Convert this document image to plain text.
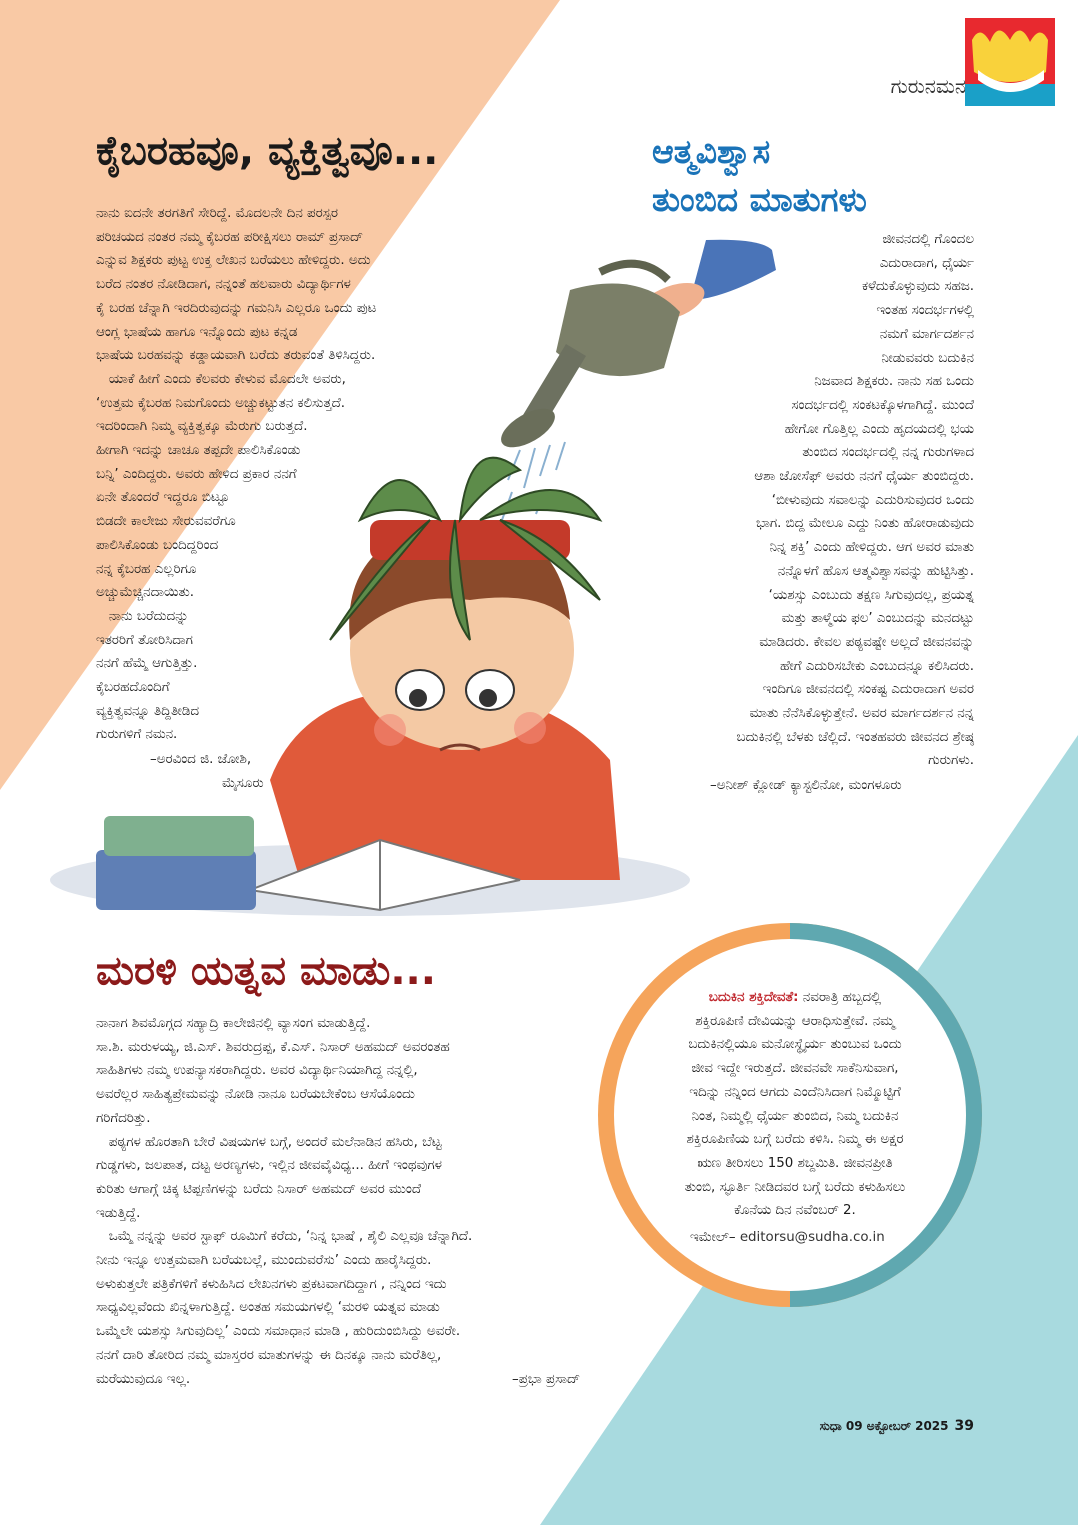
ಗುರುನಮನ
ಕೈಬರಹವೂ, ವ್ಯಕ್ತಿತ್ವವೂ...

ನಾನು ಐದನೇ ತರಗತಿಗೆ ಸೇರಿದ್ದೆ. ಮೊದಲನೇ ದಿನ ಪರಸ್ಪರ

ಪರಿಚಯದ ನಂತರ ನಮ್ಮ ಕೈಬರಹ ಪರೀಕ್ಷಿಸಲು ರಾಮ್ ಪ್ರಸಾದ್

ಎನ್ನುವ ಶಿಕ್ಷಕರು ಪುಟ್ಟ ಉಕ್ತ ಲೇಖನ ಬರೆಯಲು ಹೇಳಿದ್ದರು. ಅದು

ಬರೆದ ನಂತರ ನೋಡಿದಾಗ, ನನ್ನಂತೆ ಹಲವಾರು ವಿದ್ಯಾರ್ಥಿಗಳ

ಕೈ ಬರಹ ಚೆನ್ನಾಗಿ ಇರದಿರುವುದನ್ನು ಗಮನಿಸಿ ಎಲ್ಲರೂ ಒಂದು ಪುಟ

ಆಂಗ್ಲ ಭಾಷೆಯ ಹಾಗೂ ಇನ್ನೊಂದು ಪುಟ ಕನ್ನಡ

ಭಾಷೆಯ ಬರಹವನ್ನು ಕಡ್ಡಾಯವಾಗಿ ಬರೆದು ತರುವಂತೆ ತಿಳಿಸಿದ್ದರು.

ಯಾಕೆ ಹೀಗೆ ಎಂದು ಕೆಲವರು ಕೇಳುವ ಮೊದಲೇ ಅವರು,

‘ಉತ್ತಮ ಕೈಬರಹ ನಿಮಗೊಂದು ಅಚ್ಚುಕಟ್ಟುತನ ಕಲಿಸುತ್ತದೆ.

ಇದರಿಂದಾಗಿ ನಿಮ್ಮ ವ್ಯಕ್ತಿತ್ವಕ್ಕೂ ಮೆರುಗು ಬರುತ್ತದೆ.

ಹೀಗಾಗಿ ಇದನ್ನು ಚಾಚೂ ತಪ್ಪದೇ ಪಾಲಿಸಿಕೊಂಡು

ಬನ್ನಿ’ ಎಂದಿದ್ದರು. ಅವರು ಹೇಳಿದ ಪ್ರಕಾರ ನನಗೆ

ಏನೇ ತೊಂದರೆ ಇದ್ದರೂ ಬಿಟ್ಟೂ

ಬಿಡದೇ ಕಾಲೇಜು ಸೇರುವವರೆಗೂ

ಪಾಲಿಸಿಕೊಂಡು ಬಂದಿದ್ದರಿಂದ

ನನ್ನ ಕೈಬರಹ ಎಲ್ಲರಿಗೂ

ಅಚ್ಚುಮೆಚ್ಚಿನದಾಯಿತು.

ನಾನು ಬರೆದುದನ್ನು

ಇತರರಿಗೆ ತೋರಿಸಿದಾಗ

ನನಗೆ ಹೆಮ್ಮೆ ಆಗುತ್ತಿತ್ತು.

ಕೈಬರಹದೊಂದಿಗೆ

ವ್ಯಕ್ತಿತ್ವವನ್ನೂ ತಿದ್ದಿತೀಡಿದ

ಗುರುಗಳಿಗೆ ನಮನ.

–ಅರವಿಂದ ಜಿ. ಜೋಶಿ,
ಮೈಸೂರು
ಆತ್ಮವಿಶ್ವಾಸ
ತುಂಬಿದ ಮಾತುಗಳು

ಜೀವನದಲ್ಲಿ ಗೊಂದಲ

ಎದುರಾದಾಗ, ಧೈರ್ಯ

ಕಳೆದುಕೊಳ್ಳುವುದು ಸಹಜ.

ಇಂತಹ ಸಂದರ್ಭಗಳಲ್ಲಿ

ನಮಗೆ ಮಾರ್ಗದರ್ಶನ

ನೀಡುವವರು ಬದುಕಿನ

ನಿಜವಾದ ಶಿಕ್ಷಕರು. ನಾನು ಸಹ ಒಂದು

ಸಂದರ್ಭದಲ್ಲಿ ಸಂಕಟಕ್ಕೊಳಗಾಗಿದ್ದೆ. ಮುಂದೆ

ಹೇಗೋ ಗೊತ್ತಿಲ್ಲ ಎಂದು ಹೃದಯದಲ್ಲಿ ಭಯ

ತುಂಬಿದ ಸಂದರ್ಭದಲ್ಲಿ ನನ್ನ ಗುರುಗಳಾದ

ಆಶಾ ಜೋಸೆಫ್ ಅವರು ನನಗೆ ಧೈರ್ಯ ತುಂಬಿದ್ದರು.

‘ಬೀಳುವುದು ಸವಾಲನ್ನು ಎದುರಿಸುವುದರ ಒಂದು

ಭಾಗ. ಬಿದ್ದ ಮೇಲೂ ಎದ್ದು ನಿಂತು ಹೋರಾಡುವುದು

ನಿನ್ನ ಶಕ್ತಿ’ ಎಂದು ಹೇಳಿದ್ದರು. ಆಗ ಅವರ ಮಾತು

ನನ್ನೊಳಗೆ ಹೊಸ ಆತ್ಮವಿಶ್ವಾಸವನ್ನು ಹುಟ್ಟಿಸಿತ್ತು.

‘ಯಶಸ್ಸು ಎಂಬುದು ತಕ್ಷಣ ಸಿಗುವುದಲ್ಲ, ಪ್ರಯತ್ನ

ಮತ್ತು ತಾಳ್ಮೆಯ ಫಲ’ ಎಂಬುದನ್ನು ಮನದಟ್ಟು

ಮಾಡಿದರು. ಕೇವಲ ಪಠ್ಯವಷ್ಟೇ ಅಲ್ಲದೆ ಜೀವನವನ್ನು

ಹೇಗೆ ಎದುರಿಸಬೇಕು ಎಂಬುದನ್ನೂ ಕಲಿಸಿದರು.

ಇಂದಿಗೂ ಜೀವನದಲ್ಲಿ ಸಂಕಷ್ಟ ಎದುರಾದಾಗ ಅವರ

ಮಾತು ನೆನೆಸಿಕೊಳ್ಳುತ್ತೇನೆ. ಅವರ ಮಾರ್ಗದರ್ಶನ ನನ್ನ

ಬದುಕಿನಲ್ಲಿ ಬೆಳಕು ಚೆಲ್ಲಿದೆ. ಇಂತಹವರು ಜೀವನದ ಶ್ರೇಷ್ಠ

ಗುರುಗಳು.

–ಅನೀಶ್ ಕ್ಲೋಡ್ ಕ್ಯಾಸ್ಟಲಿನೋ, ಮಂಗಳೂರು
ಮರಳಿ ಯತ್ನವ ಮಾಡು...

ನಾನಾಗ ಶಿವಮೊಗ್ಗದ ಸಹ್ಯಾದ್ರಿ ಕಾಲೇಜಿನಲ್ಲಿ ವ್ಯಾಸಂಗ ಮಾಡುತ್ತಿದ್ದೆ.

ಸಾ.ಶಿ. ಮರುಳಯ್ಯ, ಜಿ.ಎಸ್. ಶಿವರುದ್ರಪ್ಪ, ಕೆ.ಎಸ್. ನಿಸಾರ್ ಅಹಮದ್ ಅವರಂತಹ

ಸಾಹಿತಿಗಳು ನಮ್ಮ ಉಪನ್ಯಾಸಕರಾಗಿದ್ದರು. ಅವರ ವಿದ್ಯಾರ್ಥಿನಿಯಾಗಿದ್ದ ನನ್ನಲ್ಲಿ,

ಅವರೆಲ್ಲರ ಸಾಹಿತ್ಯಪ್ರೇಮವನ್ನು ನೋಡಿ ನಾನೂ ಬರೆಯಬೇಕೆಂಬ ಆಸೆಯೊಂದು

ಗರಿಗೆದರಿತ್ತು.

ಪಠ್ಯಗಳ ಹೊರತಾಗಿ ಬೇರೆ ವಿಷಯಗಳ ಬಗ್ಗೆ, ಅಂದರೆ ಮಲೆನಾಡಿನ ಹಸಿರು, ಬೆಟ್ಟ

ಗುಡ್ಡಗಳು, ಜಲಪಾತ, ದಟ್ಟ ಅರಣ್ಯಗಳು, ಇಲ್ಲಿನ ಜೀವವೈವಿಧ್ಯ... ಹೀಗೆ ಇಂಥವುಗಳ

ಕುರಿತು ಆಗಾಗ್ಗೆ ಚಿಕ್ಕ ಟಿಪ್ಪಣಿಗಳನ್ನು ಬರೆದು ನಿಸಾರ್ ಅಹಮದ್ ಅವರ ಮುಂದೆ

ಇಡುತ್ತಿದ್ದೆ.

ಒಮ್ಮೆ ನನ್ನನ್ನು ಅವರ ಸ್ಟಾಫ್ ರೂಮಿಗೆ ಕರೆದು, ‘ನಿನ್ನ ಭಾಷೆ , ಶೈಲಿ ಎಲ್ಲವೂ ಚೆನ್ನಾಗಿದೆ.

ನೀನು ಇನ್ನೂ ಉತ್ತಮವಾಗಿ ಬರೆಯಬಲ್ಲೆ, ಮುಂದುವರೆಸು’ ಎಂದು ಹಾರೈಸಿದ್ದರು.

ಅಳುಕುತ್ತಲೇ ಪತ್ರಿಕೆಗಳಿಗೆ ಕಳುಹಿಸಿದ ಲೇಖನಗಳು ಪ್ರಕಟವಾಗದಿದ್ದಾಗ , ನನ್ನಿಂದ ಇದು

ಸಾಧ್ಯವಿಲ್ಲವೆಂದು ಖಿನ್ನಳಾಗುತ್ತಿದ್ದೆ. ಅಂತಹ ಸಮಯಗಳಲ್ಲಿ ‘ಮರಳಿ ಯತ್ನವ ಮಾಡು

ಒಮ್ಮೆಲೇ ಯಶಸ್ಸು ಸಿಗುವುದಿಲ್ಲ’ ಎಂದು ಸಮಾಧಾನ ಮಾಡಿ , ಹುರಿದುಂಬಿಸಿದ್ದು ಅವರೇ.

ನನಗೆ ದಾರಿ ತೋರಿದ ನಮ್ಮ ಮಾಸ್ತರರ ಮಾತುಗಳನ್ನು ಈ ದಿನಕ್ಕೂ ನಾನು ಮರೆತಿಲ್ಲ,

ಮರೆಯುವುದೂ ಇಲ್ಲ.	–ಪ್ರಭಾ ಪ್ರಸಾದ್
ಬದುಕಿನ ಶಕ್ತಿದೇವತೆ: ನವರಾತ್ರಿ ಹಬ್ಬದಲ್ಲಿ
ಶಕ್ತಿರೂಪಿಣಿ ದೇವಿಯನ್ನು ಆರಾಧಿಸುತ್ತೇವೆ. ನಮ್ಮ
ಬದುಕಿನಲ್ಲಿಯೂ ಮನೋಸ್ಥೈರ್ಯ ತುಂಬುವ ಒಂದು
ಜೀವ ಇದ್ದೇ ಇರುತ್ತದೆ. ಜೀವನವೇ ಸಾಕೆನಿಸುವಾಗ,
ಇದಿನ್ನು ನನ್ನಿಂದ ಆಗದು ಎಂದೆನಿಸಿದಾಗ ನಿಮ್ಮೊಟ್ಟಿಗೆ
ನಿಂತ, ನಿಮ್ಮಲ್ಲಿ ಧೈರ್ಯ ತುಂಬಿದ, ನಿಮ್ಮ ಬದುಕಿನ
ಶಕ್ತಿರೂಪಿಣಿಯ ಬಗ್ಗೆ ಬರೆದು ಕಳಿಸಿ. ನಿಮ್ಮ ಈ ಅಕ್ಷರ
ಋಣ ತೀರಿಸಲು 150 ಶಬ್ದಮಿತಿ. ಜೀವನಪ್ರೀತಿ
ತುಂಬಿ, ಸ್ಫೂರ್ತಿ ನೀಡಿದವರ ಬಗ್ಗೆ ಬರೆದು ಕಳುಹಿಸಲು
ಕೊನೆಯ ದಿನ ನವೆಂಬರ್ 2.
ಇಮೇಲ್– editorsu@sudha.co.in
ಸುಧಾ 09 ಅಕ್ಟೋಬರ್ 2025 39
